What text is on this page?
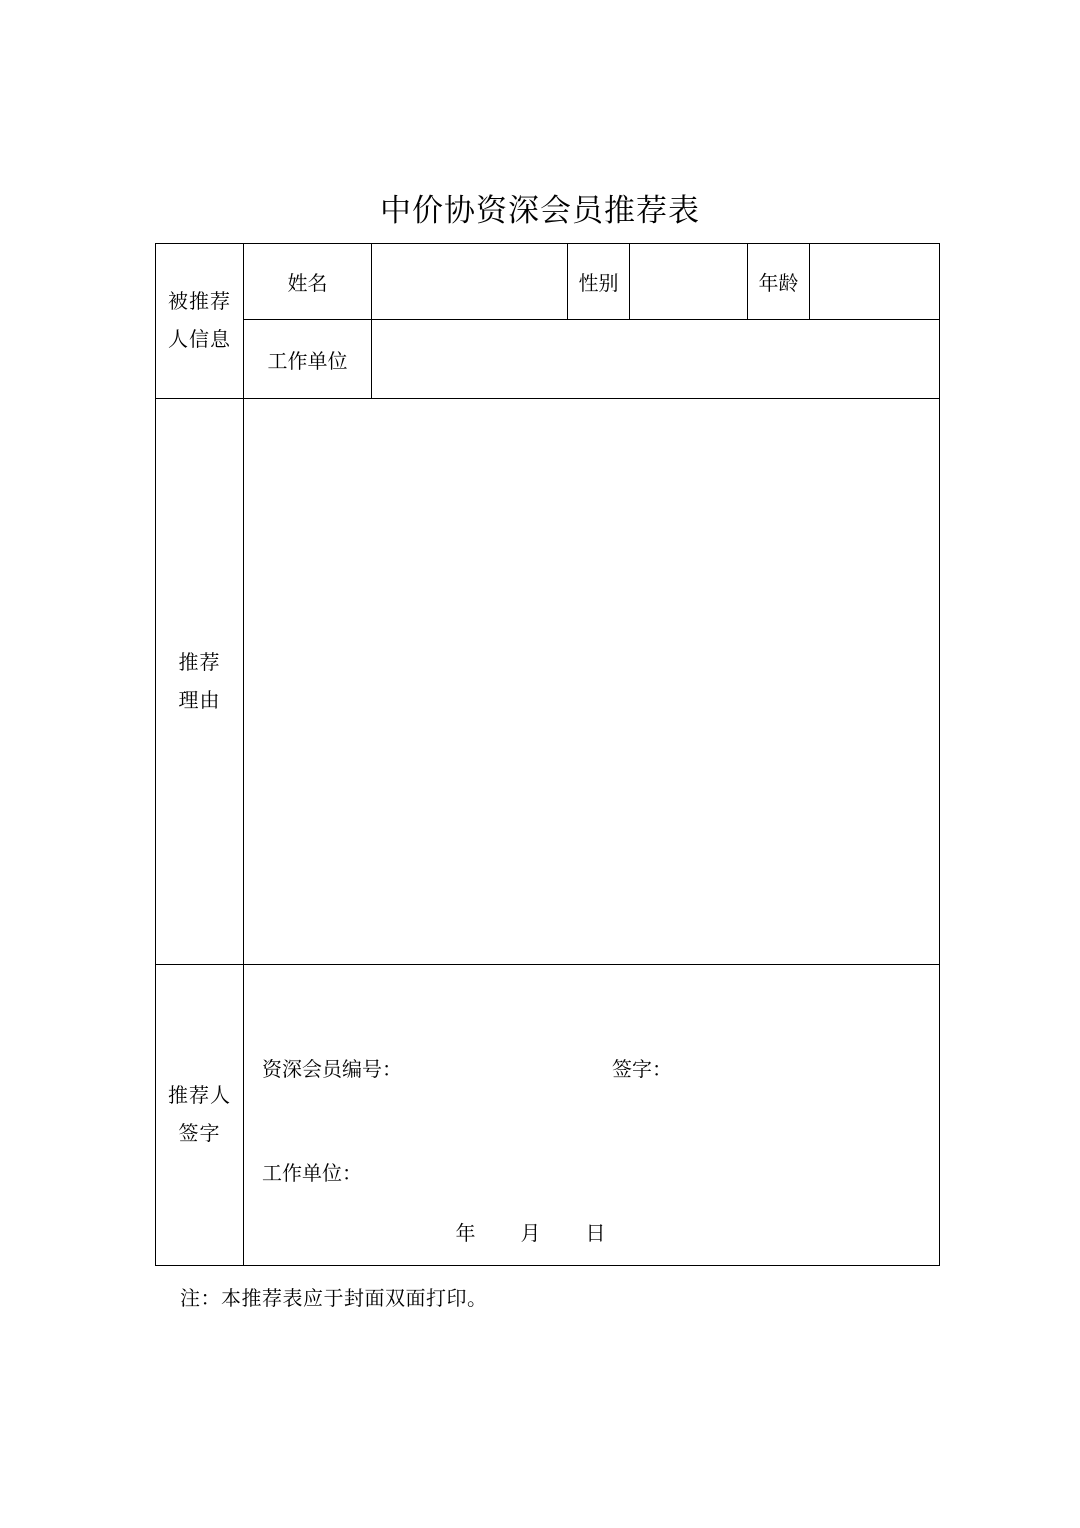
中价协资深会员推荐表
被推荐
人信息	姓名		性别		年龄	
	工作单位					

推荐
理由						

推荐人
签字

资深会员编号：	签字：
工作单位：
年 月 日
注：本推荐表应于封面双面打印。
